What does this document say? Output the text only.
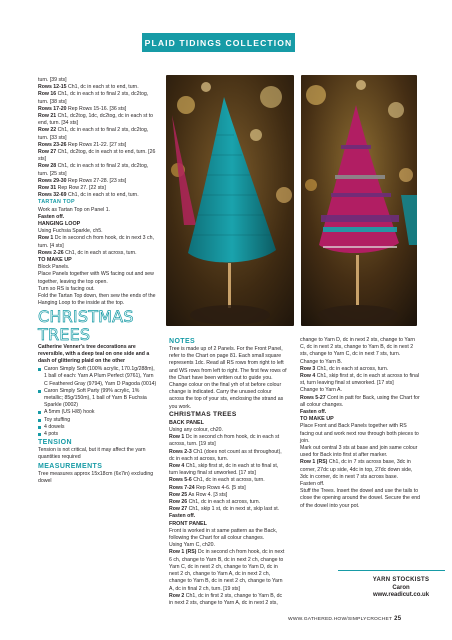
PLAID TIDINGS COLLECTION

turn. [39 sts]

Rows 12-15 Ch1, dc in each st to end, turn.

Row 16 Ch1, dc in each st to final 2 sts, dc2tog, turn. [38 sts]

Rows 17-20 Rep Rows 15-16. [36 sts]

Row 21 Ch1, dc2tog, 1dc, dc2tog, dc in each st to end, turn. [34 sts]

Row 22 Ch1, dc in each st to final 2 sts, dc2tog, turn. [33 sts]

Rows 23-26 Rep Rows 21-22. [27 sts]

Row 27 Ch1, dc2tog, dc in each st to end, turn. [26 sts]

Row 28 Ch1, dc in each st to final 2 sts, dc2tog, turn. [25 sts]

Rows 29-30 Rep Rows 27-28. [23 sts]

Row 31 Rep Row 27. [22 sts]

Rows 32-69 Ch1, dc in each st to end, turn.

TARTAN TOP

Work as Tartan Top on Panel 1.

Fasten off.

HANGING LOOP

Using Fuchsia Sparkle, ch5.

Row 1 Dc in second ch from hook, dc in next 3 ch, turn. [4 sts]

Rows 2-26 Ch1, dc in each st across, turn.

TO MAKE UP

Block Panels.

Place Panels together with WS facing out and sew together, leaving the top open.

Turn so RS is facing out.

Fold the Tartan Top down, then sew the ends of the Hanging Loop to the inside at the top.

CHRISTMAS TREES

Catherine Venner's tree decorations are reversible, with a deep teal on one side and a dash of glittering plaid on the other

Caron Simply Soft (100% acrylic, 170.1g/288m), 1 ball of each: Yarn A Plum Perfect (9761), Yarn C Feathered Gray (9794), Yarn D Pagoda (0014)
Caron Simply Soft Party (99% acrylic, 1% metallic; 85g/150m), 1 ball of Yarn B Fuchsia Sparkle (0002)
A 5mm (US H/8) hook
Toy stuffing
4 dowels
4 pots

TENSION

Tension is not critical, but it may affect the yarn quantities required

MEASUREMENTS

Tree measures approx 15x18cm (6x7in) excluding dowel

NOTES

Tree is made up of 2 Panels. For the Front Panel, refer to the Chart on page 81. Each small square represents 1dc. Read all RS rows from right to left and WS rows from left to right. The first few rows of the Chart have been written out to guide you.

Change colour on the final yrh of st before colour change is indicated. Carry the unused colour across the top of your sts, enclosing the strand as you work.

CHRISTMAS TREES

BACK PANEL

Using any colour, ch20.

Row 1 Dc in second ch from hook, dc in each st across, turn. [19 sts]

Rows 2-3 Ch1 (does not count as st throughout), dc in each st across, turn.

Row 4 Ch1, skip first st, dc in each st to final st, turn leaving final st unworked. [17 sts]

Rows 5-6 Ch1, dc in each st across, turn.

Rows 7-24 Rep Rows 4-6. [5 sts]

Row 25 As Row 4. [3 sts]

Row 26 Ch1, dc in each st across, turn.

Row 27 Ch1, skip 1 st, dc in next st, skip last st.

Fasten off.

FRONT PANEL

Front is worked in st same pattern as the Back, following the Chart for all colour changes.

Using Yarn C, ch20.

Row 1 (RS) Dc in second ch from hook, dc in next 6 ch, change to Yarn B, dc in next 2 ch, change to Yarn C, dc in next 2 ch, change to Yarn D, dc in next 2 ch, change to Yarn A, dc in next 2 ch, change to Yarn B, dc in next 2 ch, change to Yarn A, dc in final 2 ch, turn. [19 sts]

Row 2 Ch1, dc in first 2 sts, change to Yarn B, dc in next 2 sts, change to Yarn A, dc in next 2 sts,

change to Yarn D, dc in next 2 sts, change to Yarn C, dc in next 2 sts, change to Yarn B, dc in next 2 sts, change to Yarn C, dc in next 7 sts, turn.

Change to Yarn B.

Row 3 Ch1, dc in each st across, turn.

Row 4 Ch1, skip first st, dc in each st across to final st, turn leaving final st unworked. [17 sts]

Change to Yarn A.

Rows 5-27 Cont in patt for Back, using the Chart for all colour changes.

Fasten off.

TO MAKE UP

Place Front and Back Panels together with RS facing out and work next row through both pieces to join.

Mark out central 3 sts at base and join same colour used for Back into first st after marker.

Row 1 (RS) Ch1, dc in 7 sts across base, 3dc in corner, 27dc up side, 4dc in top, 27dc down side, 3dc in corner, dc in next 7 sts across base.

Fasten off.

Stuff the Trees. Insert the dowel and use the tails to close the opening around the dowel. Secure the end of the dowel into your pot.

YARN STOCKISTS

Caron

www.readicut.co.uk

WWW.GATHERED.HOW/SIMPLYCROCHET 25
